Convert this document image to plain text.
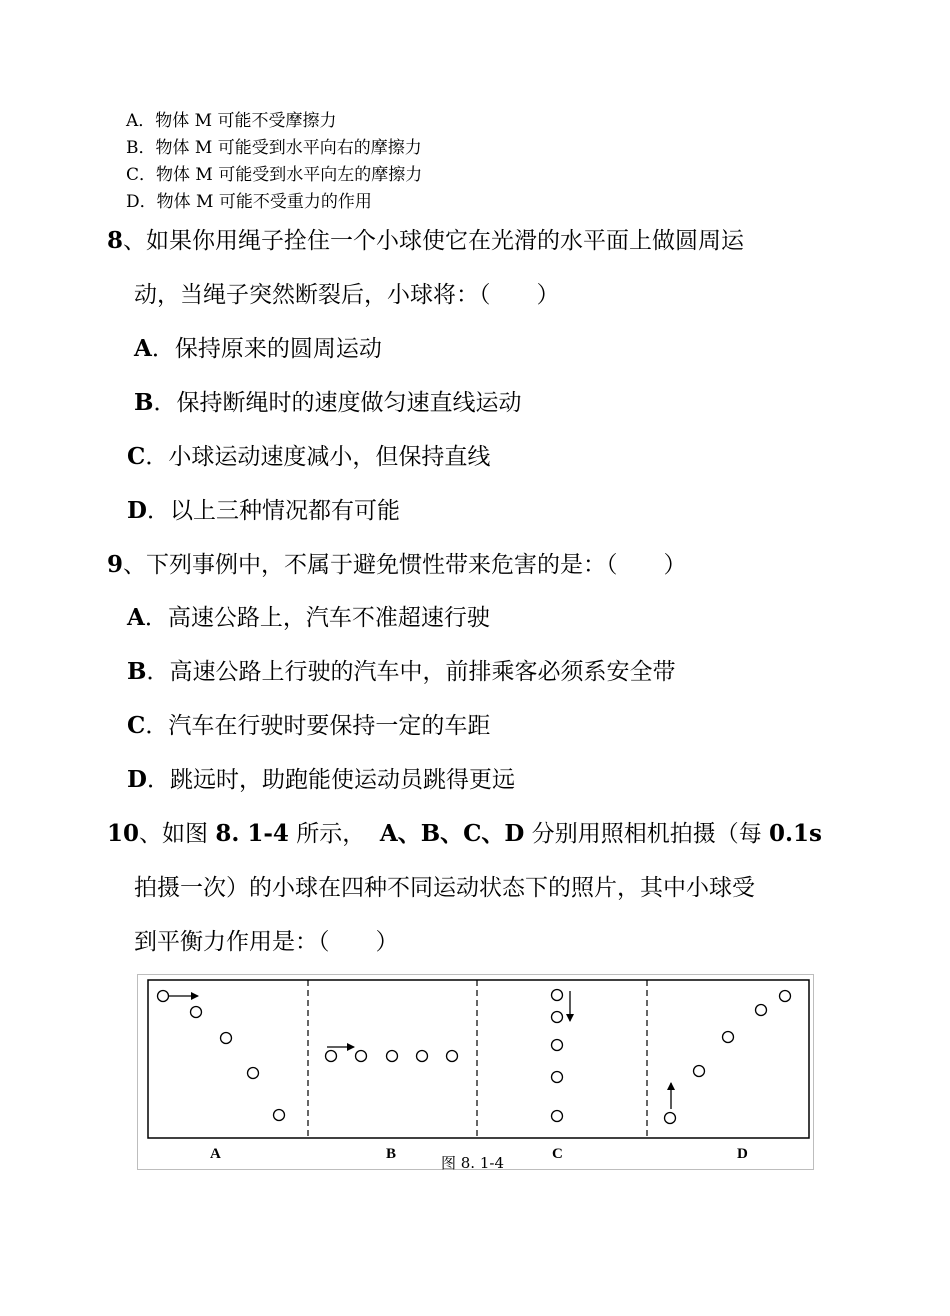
A．物体 M 可能不受摩擦力
B．物体 M 可能受到水平向右的摩擦力
C．物体 M 可能受到水平向左的摩擦力
D．物体 M 可能不受重力的作用
8、如果你用绳子拴住一个小球使它在光滑的水平面上做圆周运
动，当绳子突然断裂后，小球将：（　　）
A．保持原来的圆周运动
B．保持断绳时的速度做匀速直线运动
C．小球运动速度减小，但保持直线
D．以上三种情况都有可能
9、下列事例中，不属于避免惯性带来危害的是：（　　）
A．高速公路上，汽车不准超速行驶
B．高速公路上行驶的汽车中，前排乘客必须系安全带
C．汽车在行驶时要保持一定的车距
D．跳远时，助跑能使运动员跳得更远
10、如图 8. 1-4 所示， A、B、C、D 分别用照相机拍摄（每 0.1s
拍摄一次）的小球在四种不同运动状态下的照片，其中小球受
到平衡力作用是：（　　）
A	B	C	D
图 8. 1-4
